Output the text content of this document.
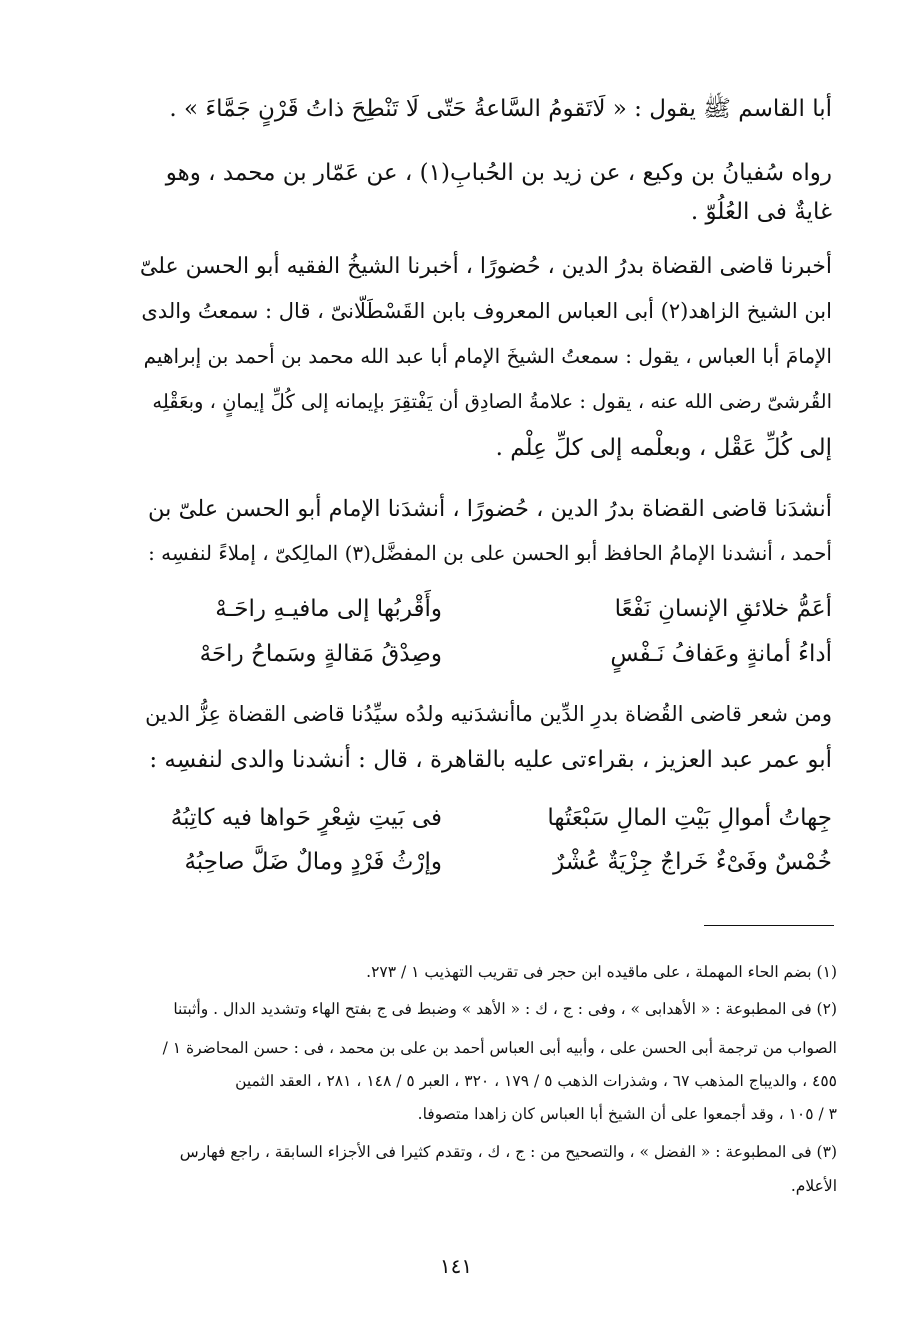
أبا القاسم ﷺ يقول : « لَاتَقومُ السَّاعةُ حَتّى لَا تَنْطِحَ ذاتُ قَرْنٍ جَمَّاءَ » .
رواه سُفيانُ بن وكيع ، عن زيد بن الحُبابِ(١) ، عن عَمّار بن محمد ، وهو
غايةٌ فى العُلُوّ .
أخبرنا قاضى القضاة بدرُ الدين ، حُضورًا ، أخبرنا الشيخُ الفقيه أبو الحسن علىّ
ابن الشيخ الزاهد(٢) أبى العباس المعروف بابن القَسْطَلّانىّ ، قال : سمعتُ والدى
الإمامَ أبا العباس ، يقول : سمعتُ الشيخَ الإمام أبا عبد الله محمد بن أحمد بن إبراهيم
القُرشىّ رضى الله عنه ، يقول : علامةُ الصادِق أن يَفْتقِرَ بإيمانه إلى كُلِّ إيمانٍ ، وبعَقْلِه
إلى كُلِّ عَقْل ، وبعلْمه إلى كلِّ عِلْم .
أنشدَنا قاضى القضاة بدرُ الدين ، حُضورًا ، أنشدَنا الإمام أبو الحسن علىّ بن
أحمد ، أنشدنا الإمامُ الحافظ أبو الحسن على بن المفضَّل(٣) المالِكىّ ، إملاءً لنفسِه :
أعَمُّ خلائقِ الإنسانِ نَفْعًا
وأَقْربُها إلى مافيـهِ راحَـهْ
أداءُ أمانةٍ وعَفافُ نَـفْسٍ
وصِدْقُ مَقالةٍ وسَماحُ راحَهْ
ومن شعر قاضى القُضاة بدرِ الدِّين ماأنشدَنيه ولدُه سيِّدُنا قاضى القضاة عِزُّ الدين
أبو عمر عبد العزيز ، بقراءتى عليه بالقاهرة ، قال : أنشدنا والدى لنفسِه :
جِهاتُ أموالِ بَيْتِ المالِ سَبْعَتُها
فى بَيتِ شِعْرٍ حَواها فيه كاتِبُهُ
خُمْسٌ وفَىْءٌ خَراجٌ جِزْيَةٌ عُشْرٌ
وإرْثُ فَرْدٍ ومالٌ ضَلَّ صاحِبُهُ
(١) بضم الحاء المهملة ، على ماقيده ابن حجر فى تقريب التهذيب ١ / ٢٧٣.
(٢) فى المطبوعة : « الأهدابى » ، وفى : ج ، ك : « الأهد » وضبط فى ج بفتح الهاء وتشديد الدال . وأثبتنا
الصواب من ترجمة أبى الحسن على ، وأبيه أبى العباس أحمد بن على بن محمد ، فى : حسن المحاضرة ١ /
٤٥٥ ، والديباج المذهب ٦٧ ، وشذرات الذهب ٥ / ١٧٩ ، ٣٢٠ ، العبر ٥ / ١٤٨ ، ٢٨١ ، العقد الثمين
٣ / ١٠٥ ، وقد أجمعوا على أن الشيخ أبا العباس كان زاهدا متصوفا.
(٣) فى المطبوعة : « الفضل » ، والتصحيح من : ج ، ك ، وتقدم كثيرا فى الأجزاء السابقة ، راجع فهارس
الأعلام.
١٤١
